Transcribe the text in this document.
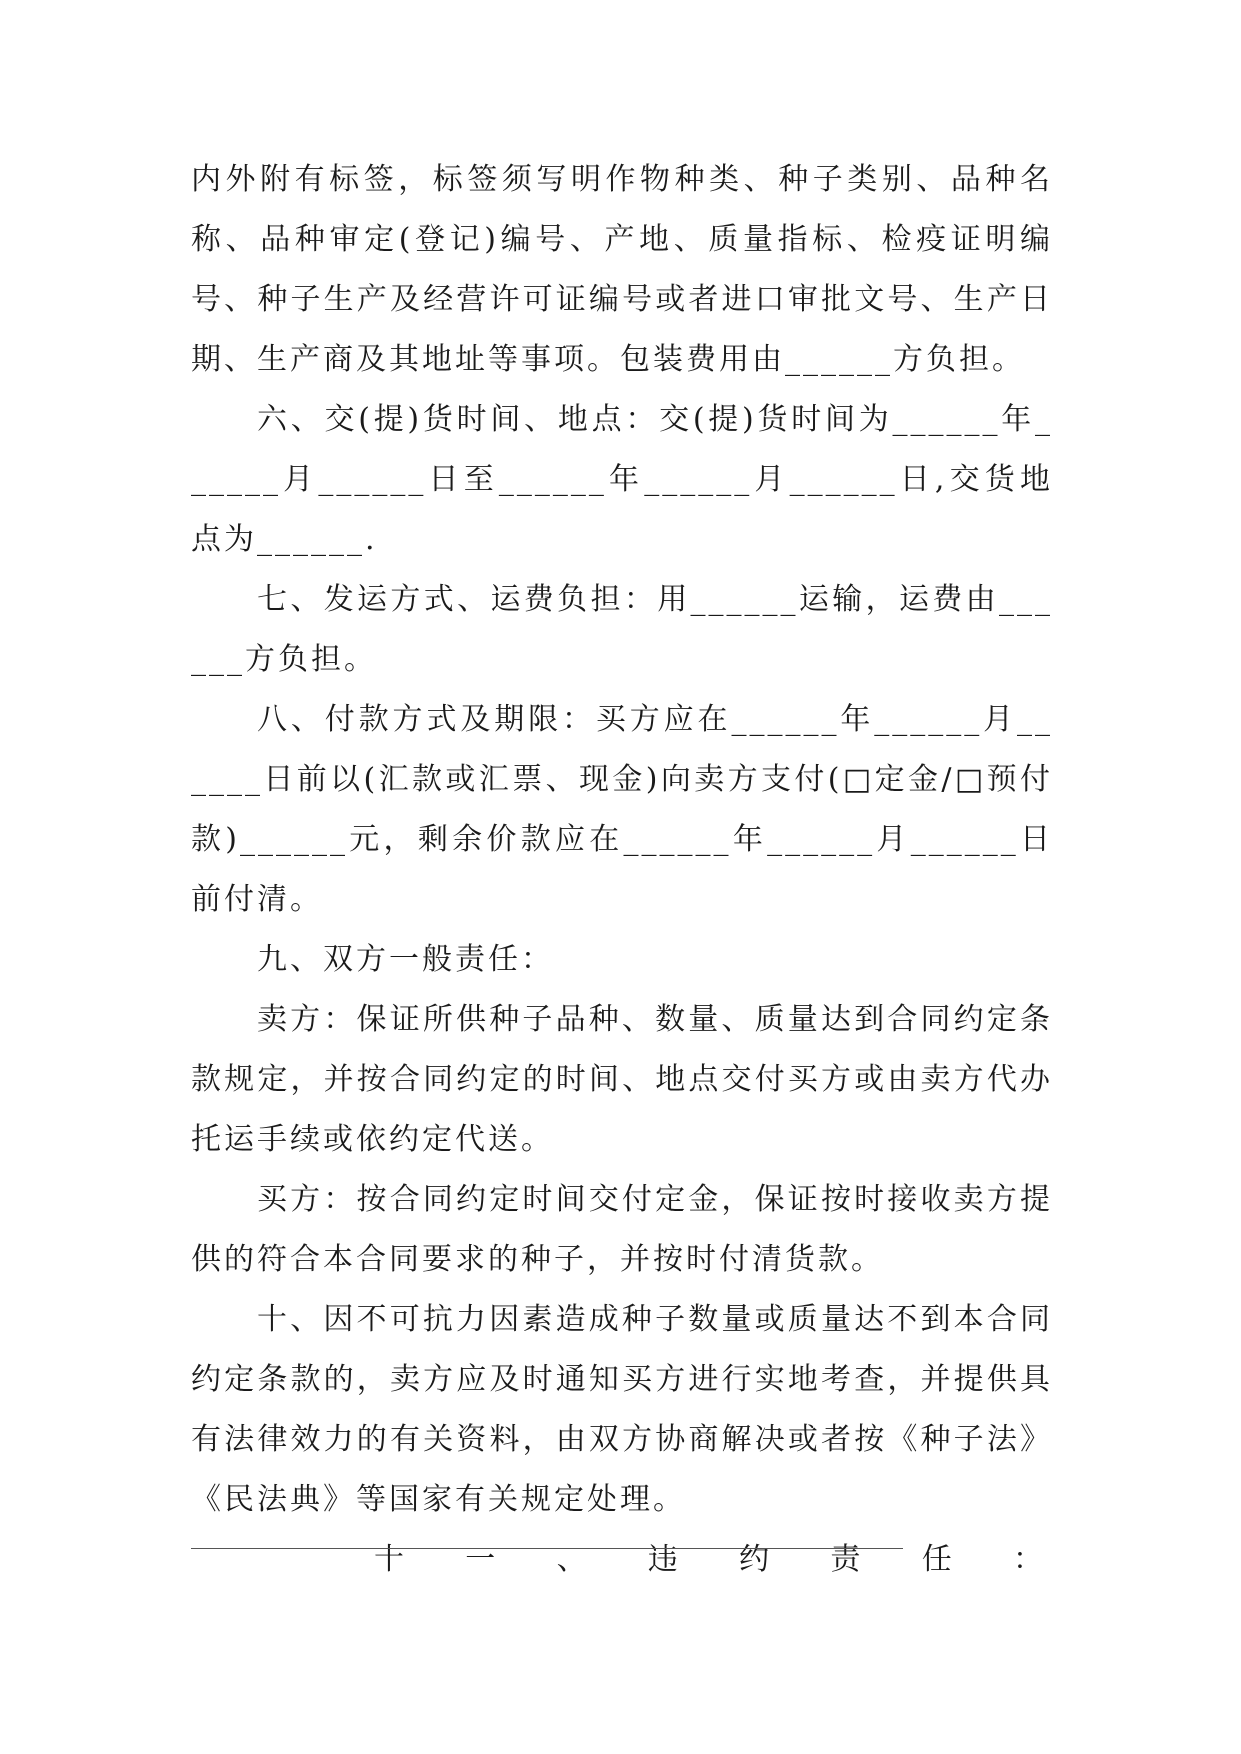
内外附有标签，标签须写明作物种类、种子类别、品种名称、品种审定(登记)编号、产地、质量指标、检疫证明编号、种子生产及经营许可证编号或者进口审批文号、生产日期、生产商及其地址等事项。包装费用由______方负担。

六、交(提)货时间、地点：交(提)货时间为______年______月______日至______年______月______日,交货地点为______.

七、发运方式、运费负担：用______运输，运费由______方负担。

八、付款方式及期限：买方应在______年______月______日前以(汇款或汇票、现金)向卖方支付(□定金/□预付款)______元，剩余价款应在______年______月______日前付清。

九、双方一般责任：

卖方：保证所供种子品种、数量、质量达到合同约定条款规定，并按合同约定的时间、地点交付买方或由卖方代办托运手续或依约定代送。

买方：按合同约定时间交付定金，保证按时接收卖方提供的符合本合同要求的种子，并按时付清货款。

十、因不可抗力因素造成种子数量或质量达不到本合同约定条款的，卖方应及时通知买方进行实地考查，并提供具有法律效力的有关资料，由双方协商解决或者按《种子法》《民法典》等国家有关规定处理。

十 一 、 违 约 责 任 ：
